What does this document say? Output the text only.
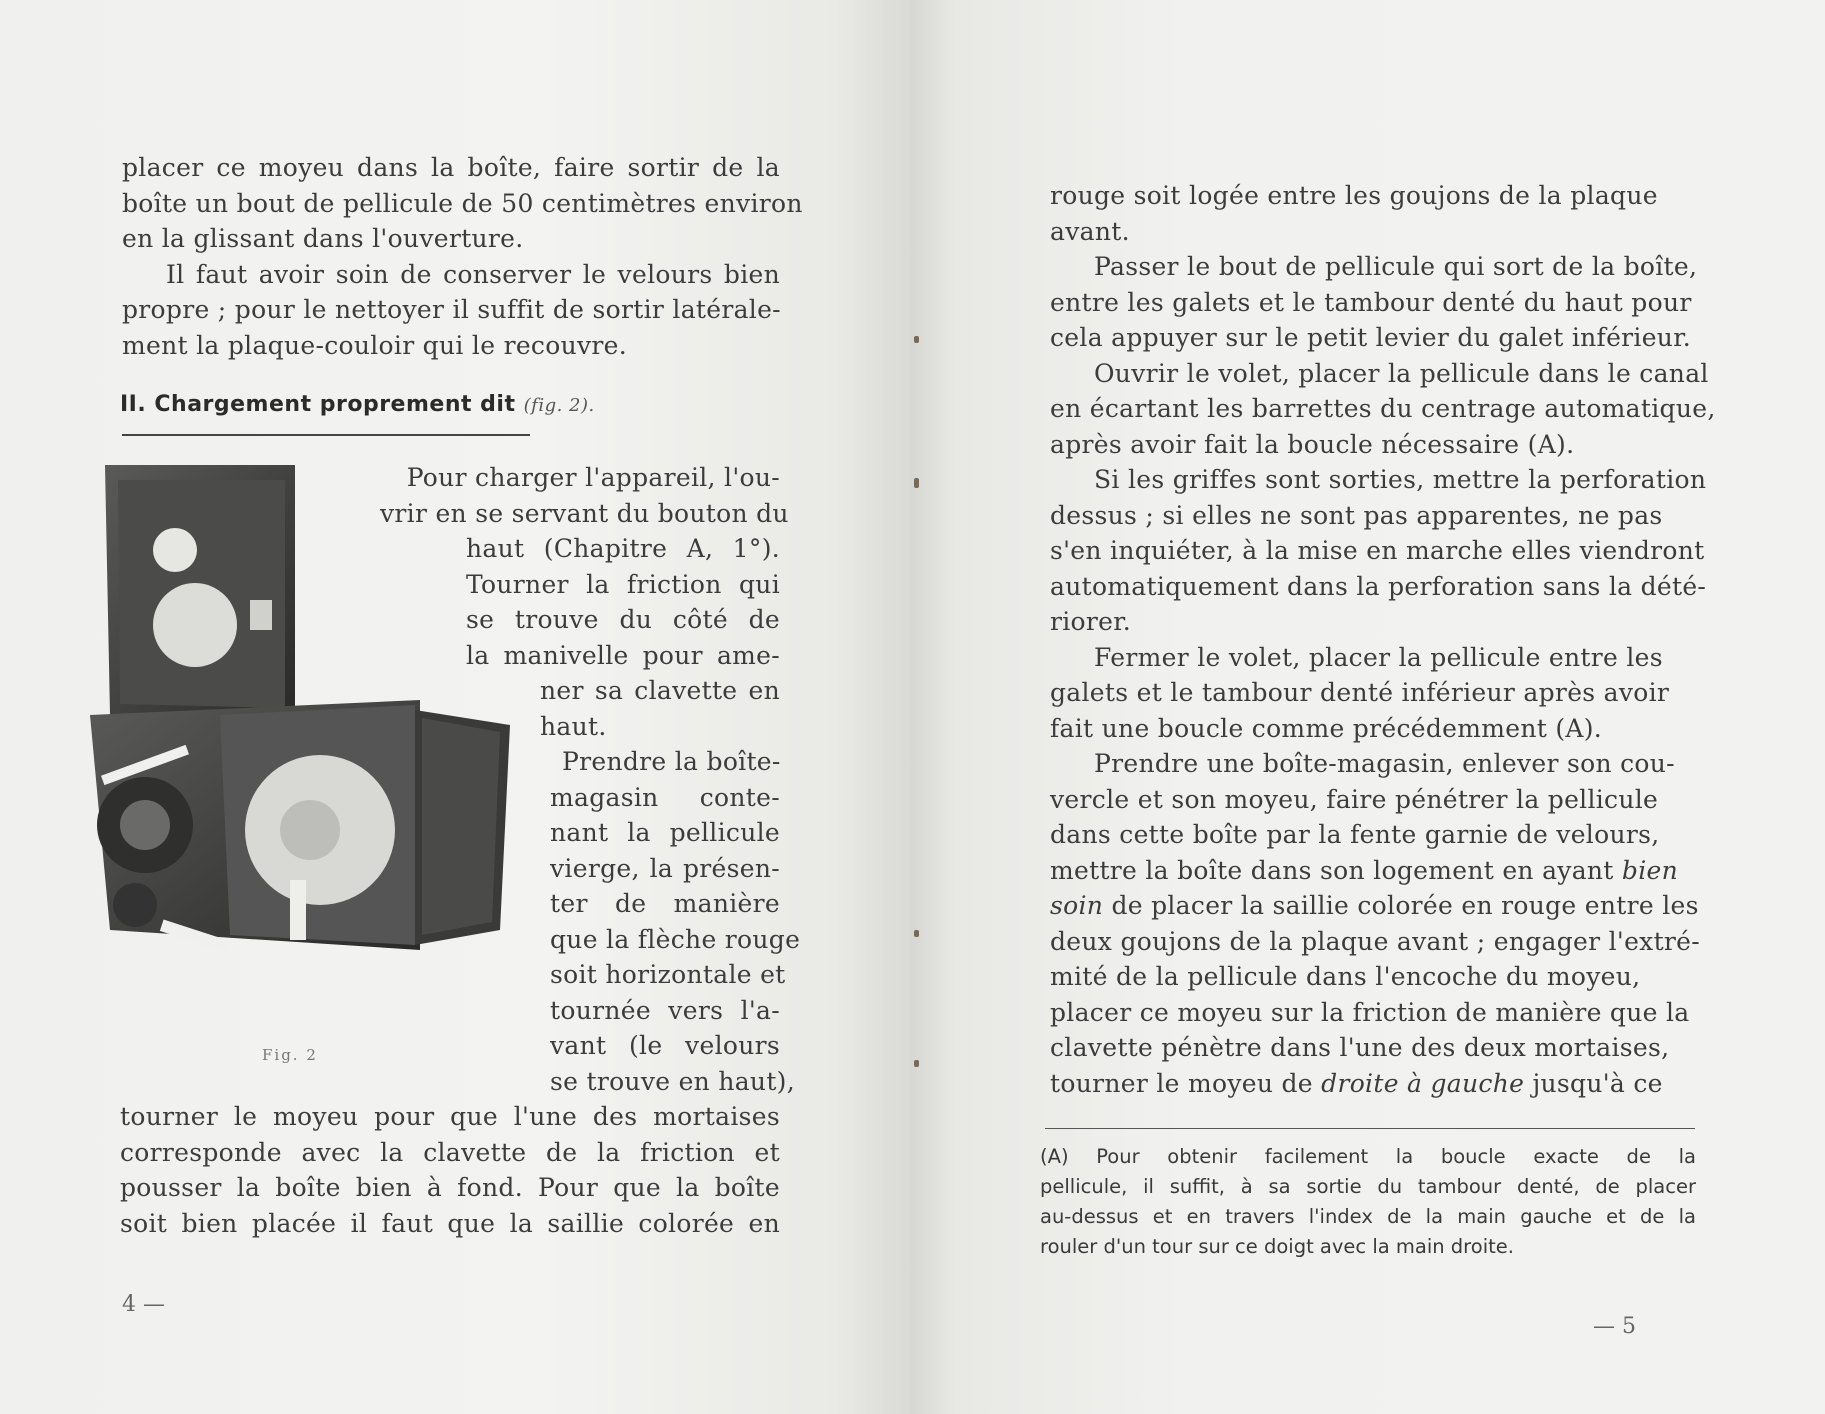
placer ce moyeu dans la boîte, faire sortir de la
boîte un bout de pellicule de 50 centimètres environ
en la glissant dans l'ouverture.
Il faut avoir soin de conserver le velours bien
propre ; pour le nettoyer il suffit de sortir latérale-
ment la plaque-couloir qui le recouvre.
II. Chargement proprement dit (fig. 2).
Pour charger l'appareil, l'ou-
vrir en se servant du bouton du
haut (Chapitre A, 1°).
Tourner la friction qui
se trouve du côté de
la manivelle pour ame-
ner sa clavette en
haut.
Prendre la boîte-
magasin conte-
nant la pellicule
vierge, la présen-
ter de manière
que la flèche rouge
soit horizontale et
tournée vers l'a-
vant (le velours
se trouve en haut),
Fig. 2
tourner le moyeu pour que l'une des mortaises
corresponde avec la clavette de la friction et
pousser la boîte bien à fond. Pour que la boîte
soit bien placée il faut que la saillie colorée en
4 —
rouge soit logée entre les goujons de la plaque
avant.
Passer le bout de pellicule qui sort de la boîte,
entre les galets et le tambour denté du haut pour
cela appuyer sur le petit levier du galet inférieur.
Ouvrir le volet, placer la pellicule dans le canal
en écartant les barrettes du centrage automatique,
après avoir fait la boucle nécessaire (A).
Si les griffes sont sorties, mettre la perforation
dessus ; si elles ne sont pas apparentes, ne pas
s'en inquiéter, à la mise en marche elles viendront
automatiquement dans la perforation sans la dété-
riorer.
Fermer le volet, placer la pellicule entre les
galets et le tambour denté inférieur après avoir
fait une boucle comme précédemment (A).
Prendre une boîte-magasin, enlever son cou-
vercle et son moyeu, faire pénétrer la pellicule
dans cette boîte par la fente garnie de velours,
mettre la boîte dans son logement en ayant bien
soin de placer la saillie colorée en rouge entre les
deux goujons de la plaque avant ; engager l'extré-
mité de la pellicule dans l'encoche du moyeu,
placer ce moyeu sur la friction de manière que la
clavette pénètre dans l'une des deux mortaises,
tourner le moyeu de droite à gauche jusqu'à ce
(A) Pour obtenir facilement la boucle exacte de la
pellicule, il suffit, à sa sortie du tambour denté, de placer
au-dessus et en travers l'index de la main gauche et de la
rouler d'un tour sur ce doigt avec la main droite.
— 5
